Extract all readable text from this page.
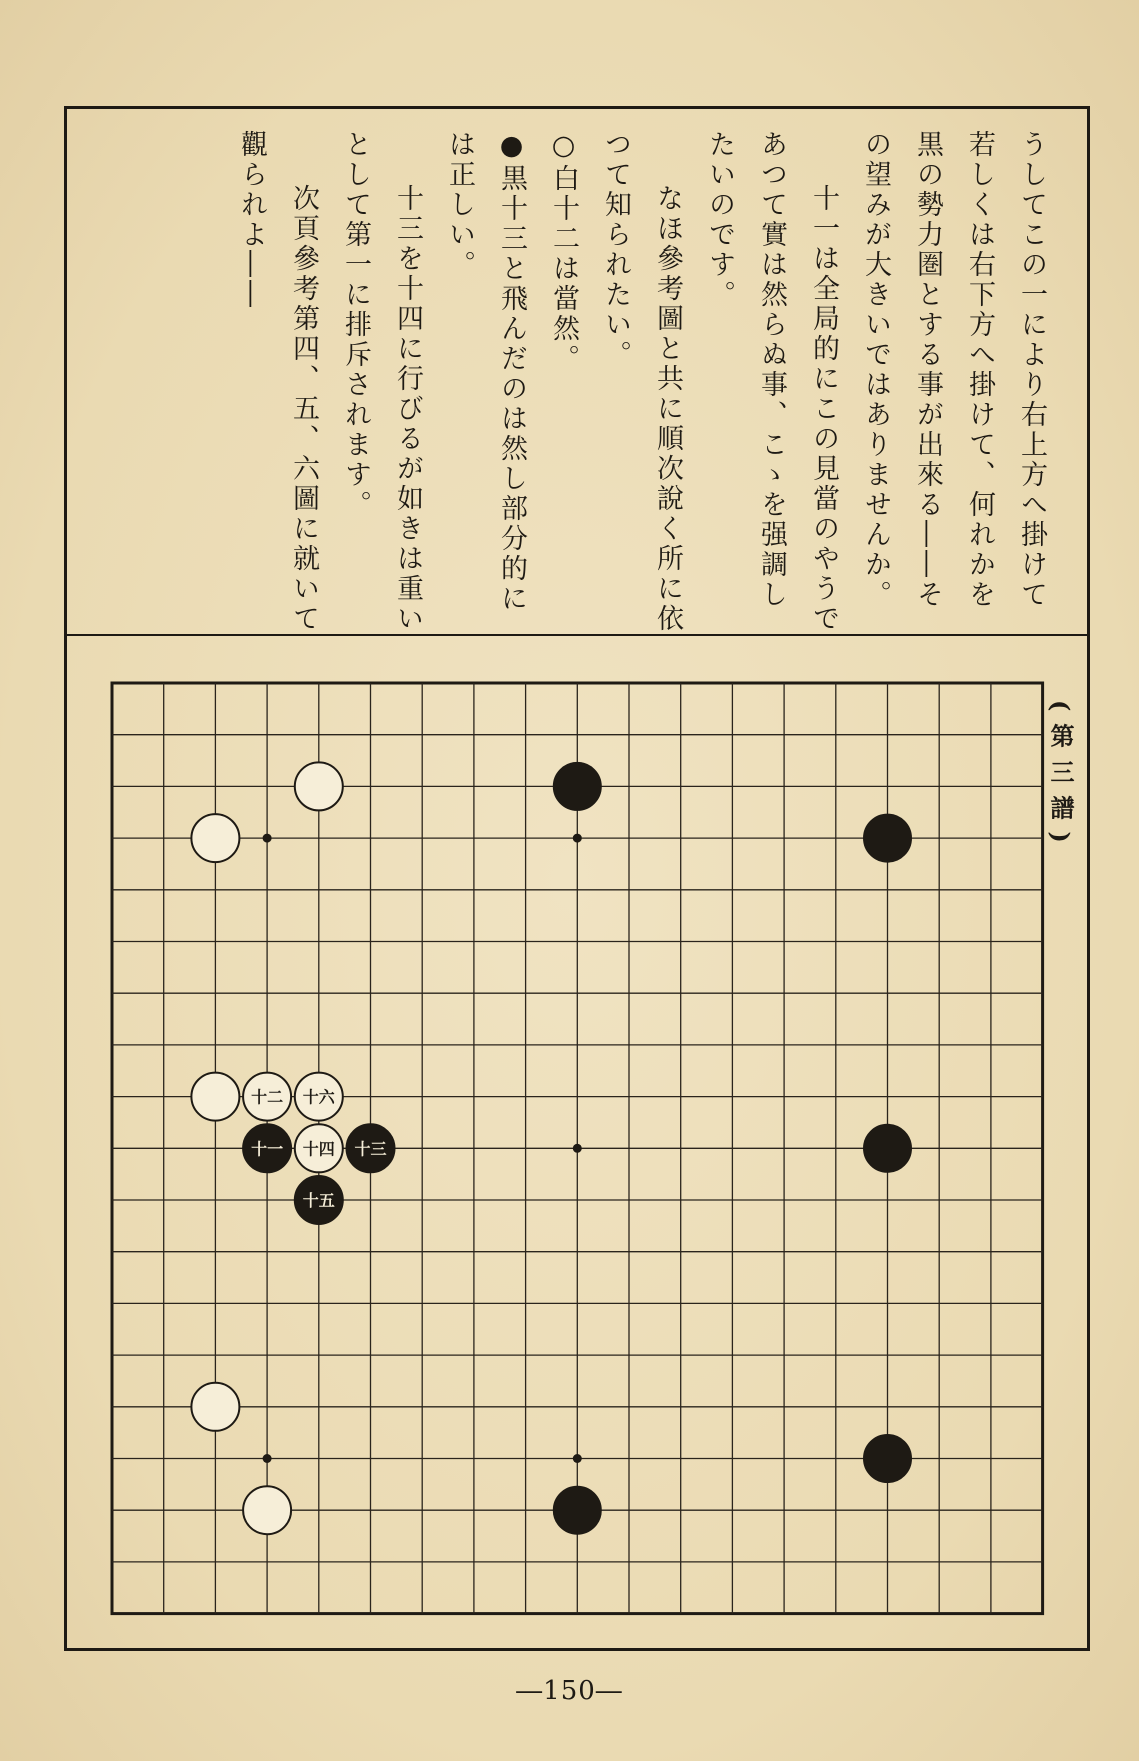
うしてこの一により右上方へ掛けて
若しくは右下方へ掛けて、何れかを
黒の勢力圏とする事が出來る――そ
の望みが大きいではありませんか。
十一は全局的にこの見當のやうで
あつて實は然らぬ事、こゝを强調し
たいのです。
なほ參考圖と共に順次說く所に依
つて知られたい。
○白十二は當然。
●黒十三と飛んだのは然し部分的に
は正しい。
十三を十四に行びるが如きは重い
として第一に排斥されます。
次頁參考第四、五、六圖に就いて
觀られよ――
十二 十六
十一 十四 十三
十五
(第三譜)
―150―
